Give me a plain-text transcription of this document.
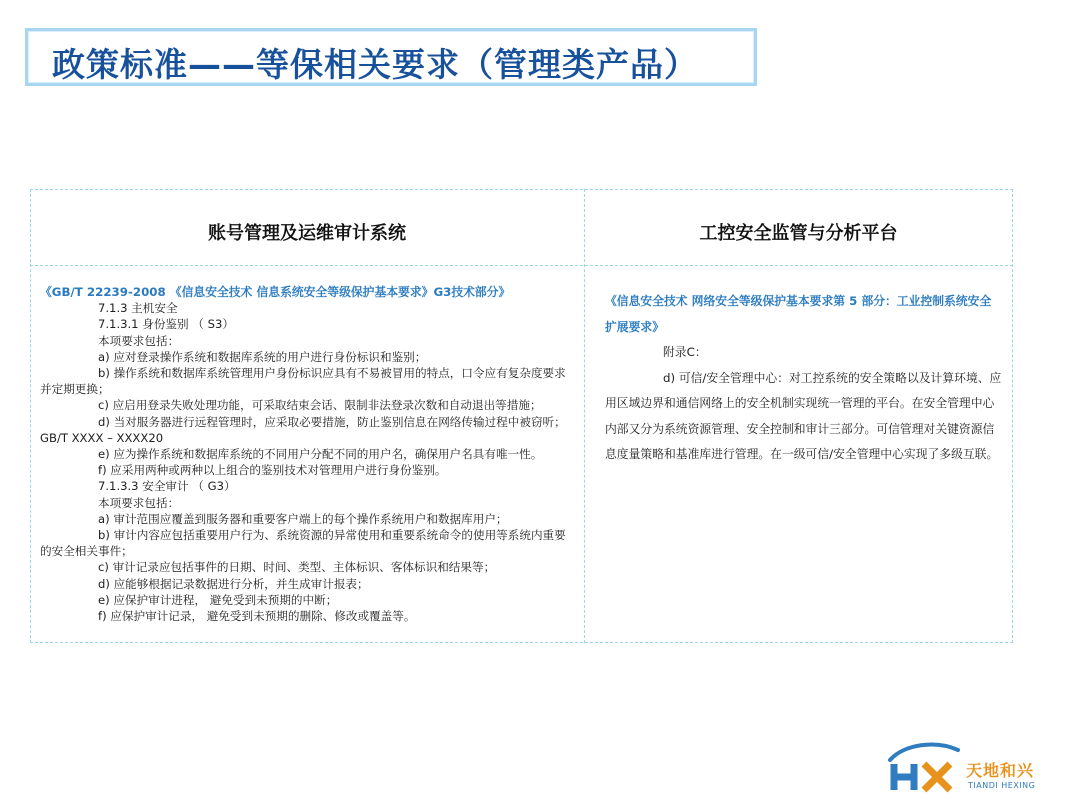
政策标准——等保相关要求（管理类产品）
账号管理及运维审计系统	工控安全监管与分析平台
《GB/T 22239-2008 《信息安全技术 信息系统安全等级保护基本要求》G3技术部分》
7.1.3 主机安全
7.1.3.1 身份鉴别 （ S3）
本项要求包括：
a) 应对登录操作系统和数据库系统的用户进行身份标识和鉴别；
b) 操作系统和数据库系统管理用户身份标识应具有不易被冒用的特点，口令应有复杂度要求并定期更换；
c) 应启用登录失败处理功能，可采取结束会话、限制非法登录次数和自动退出等措施；
d) 当对服务器进行远程管理时，应采取必要措施，防止鉴别信息在网络传输过程中被窃听；GB/T XXXX – XXXX20
e) 应为操作系统和数据库系统的不同用户分配不同的用户名，确保用户名具有唯一性。
f) 应采用两种或两种以上组合的鉴别技术对管理用户进行身份鉴别。
7.1.3.3 安全审计 （ G3）
本项要求包括：
a) 审计范围应覆盖到服务器和重要客户端上的每个操作系统用户和数据库用户；
b) 审计内容应包括重要用户行为、系统资源的异常使用和重要系统命令的使用等系统内重要的安全相关事件；
c) 审计记录应包括事件的日期、时间、类型、主体标识、客体标识和结果等；
d) 应能够根据记录数据进行分析，并生成审计报表；
e) 应保护审计进程， 避免受到未预期的中断；
f) 应保护审计记录， 避免受到未预期的删除、修改或覆盖等。
《信息安全技术 网络安全等级保护基本要求第 5 部分：工业控制系统安全扩展要求》
附录C：
d) 可信/安全管理中心：对工控系统的安全策略以及计算环境、应用区域边界和通信网络上的安全机制实现统一管理的平台。在安全管理中心内部又分为系统资源管理、安全控制和审计三部分。可信管理对关键资源信息度量策略和基准库进行管理。在一级可信/安全管理中心实现了多级互联。
天地和兴
TIANDI HEXING
